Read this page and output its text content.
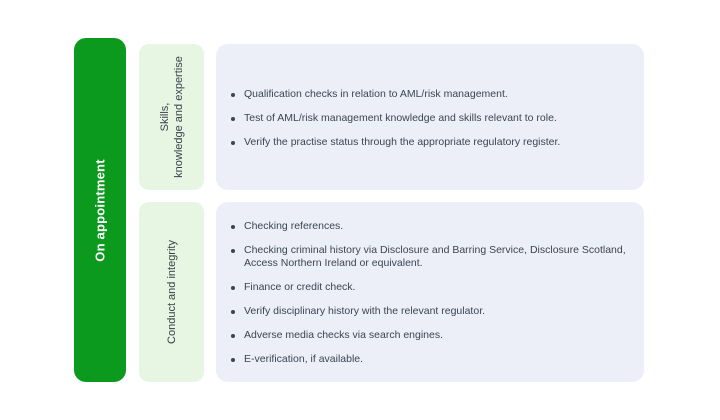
On appointment
Skills, knowledge and expertise
Conduct and integrity
Qualification checks in relation to AML/risk management.
Test of AML/risk management knowledge and skills relevant to role.
Verify the practise status through the appropriate regulatory register.
Checking references.
Checking criminal history via Disclosure and Barring Service, Disclosure Scotland, Access Northern Ireland or equivalent.
Finance or credit check.
Verify disciplinary history with the relevant regulator.
Adverse media checks via search engines.
E-verification, if available.
